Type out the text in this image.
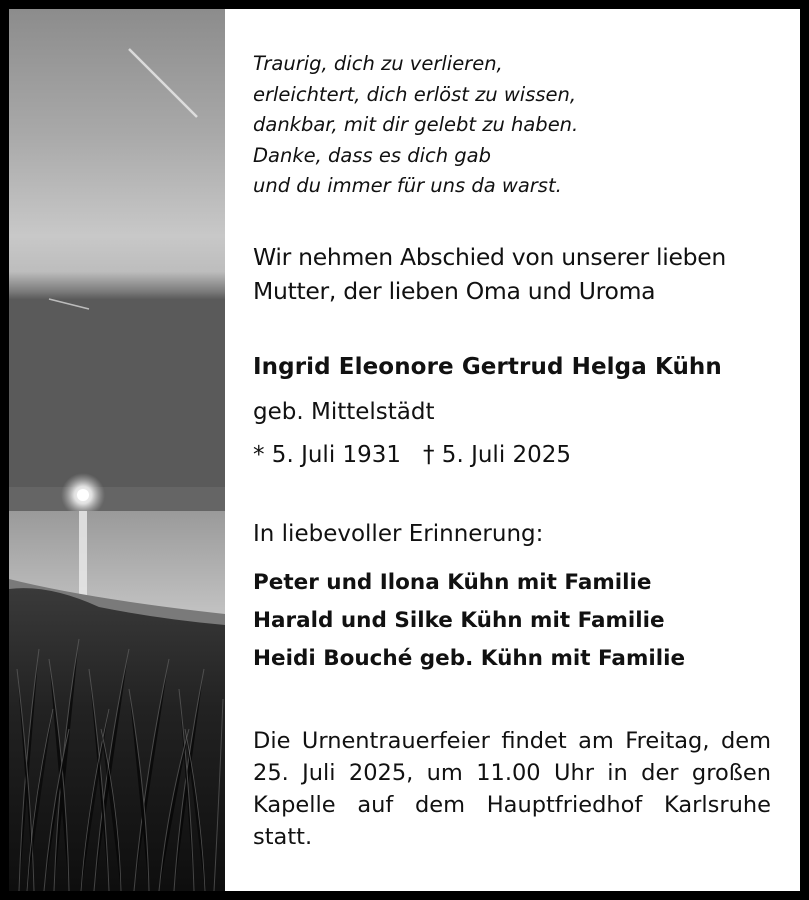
Traurig, dich zu verlieren,
erleichtert, dich erlöst zu wissen,
dankbar, mit dir gelebt zu haben.
Danke, dass es dich gab
und du immer für uns da warst.
Wir nehmen Abschied von unserer lieben
Mutter, der lieben Oma und Uroma
Ingrid Eleonore Gertrud Helga Kühn
geb. Mittelstädt
* 5. Juli 1931 † 5. Juli 2025
In liebevoller Erinnerung:
Peter und Ilona Kühn mit Familie
Harald und Silke Kühn mit Familie
Heidi Bouché geb. Kühn mit Familie
Die Urnentrauerfeier findet am Freitag, dem 25. Juli 2025, um 11.00 Uhr in der großen Kapelle auf dem Hauptfriedhof Karlsruhe statt.
